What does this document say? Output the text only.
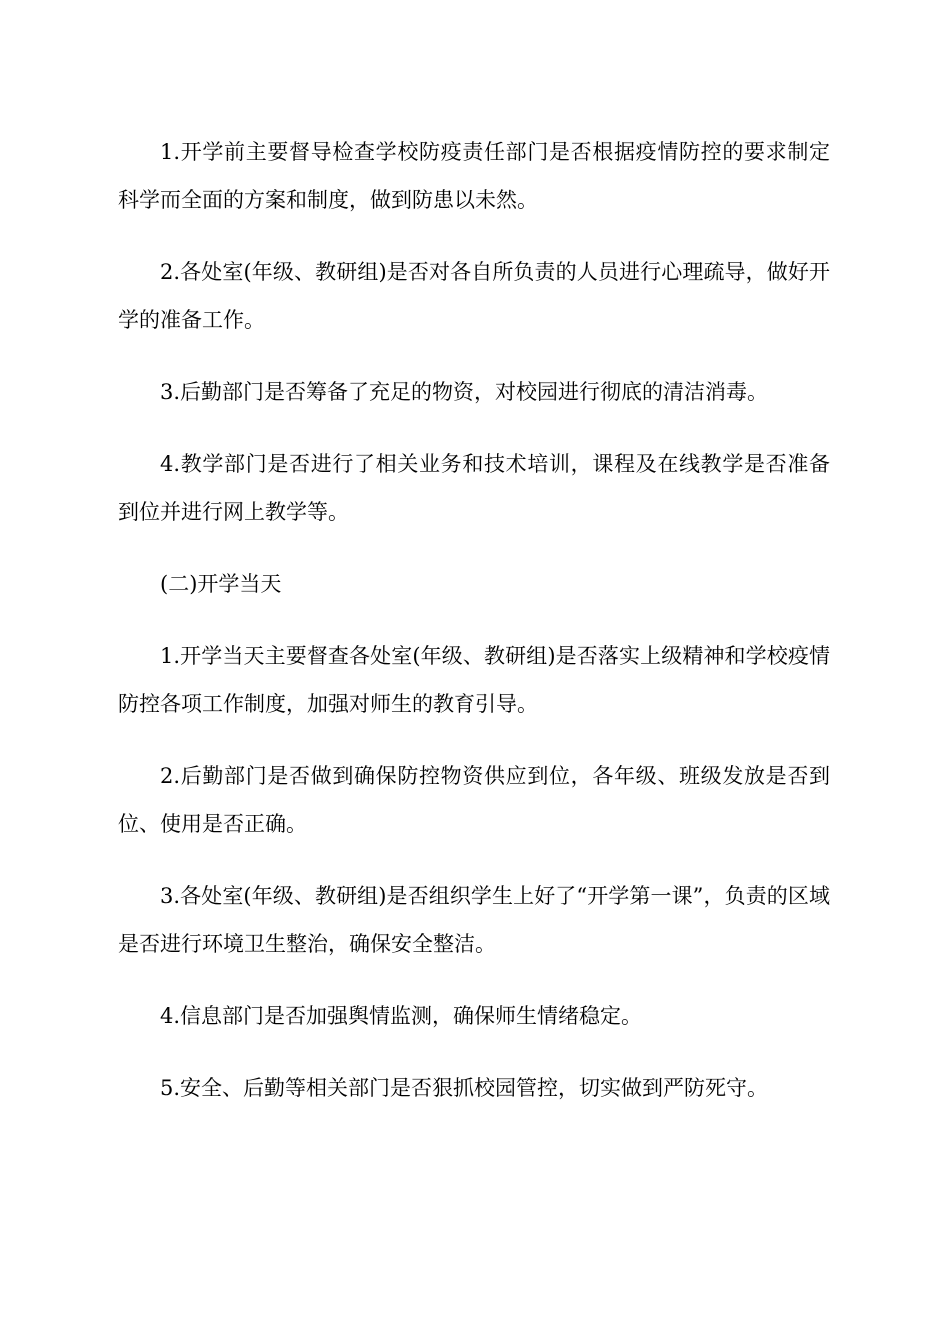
1.开学前主要督导检查学校防疫责任部门是否根据疫情防控的要求制定科学而全面的方案和制度，做到防患以未然。

2.各处室(年级、教研组)是否对各自所负责的人员进行心理疏导，做好开学的准备工作。

3.后勤部门是否筹备了充足的物资，对校园进行彻底的清洁消毒。

4.教学部门是否进行了相关业务和技术培训，课程及在线教学是否准备到位并进行网上教学等。

(二)开学当天

1.开学当天主要督查各处室(年级、教研组)是否落实上级精神和学校疫情防控各项工作制度，加强对师生的教育引导。

2.后勤部门是否做到确保防控物资供应到位，各年级、班级发放是否到位、使用是否正确。

3.各处室(年级、教研组)是否组织学生上好了“开学第一课”，负责的区域是否进行环境卫生整治，确保安全整洁。

4.信息部门是否加强舆情监测，确保师生情绪稳定。

5.安全、后勤等相关部门是否狠抓校园管控，切实做到严防死守。
